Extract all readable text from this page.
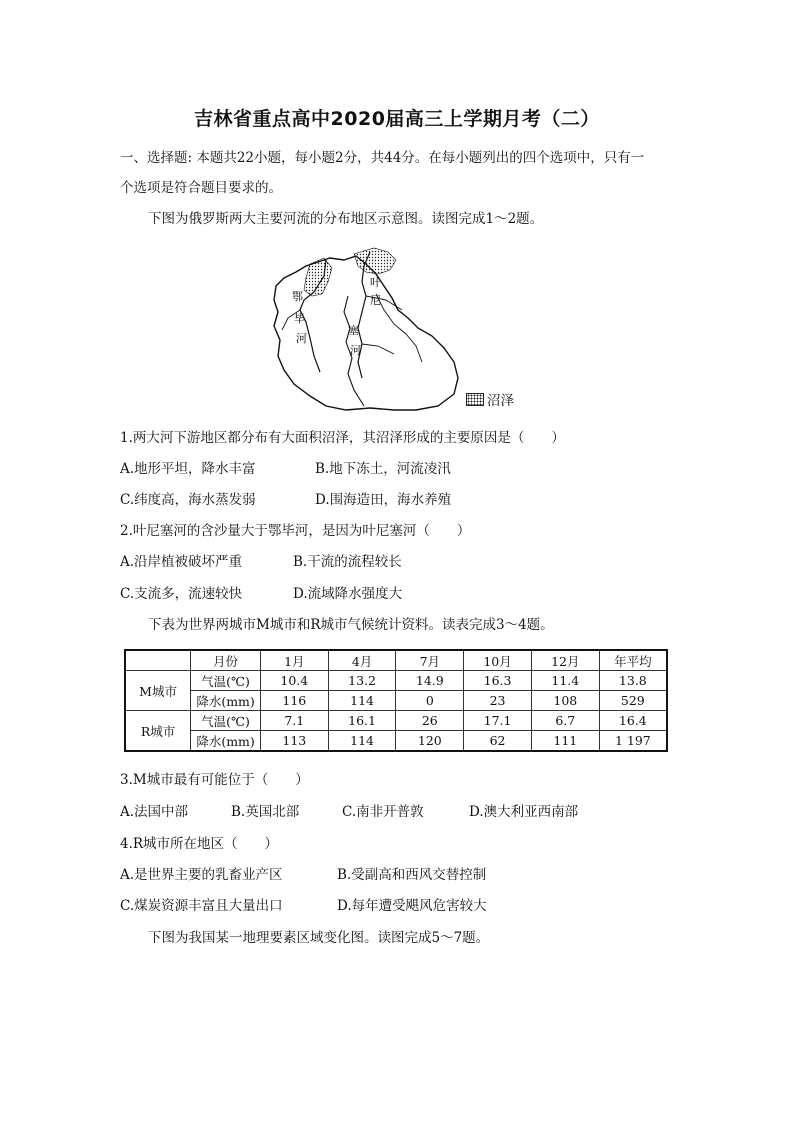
吉林省重点高中2020届高三上学期月考（二）
一、选择题: 本题共22小题，每小题2分，共44分。在每小题列出的四个选项中，只有一
个选项是符合题目要求的。
下图为俄罗斯两大主要河流的分布地区示意图。读图完成1～2题。
鄂
毕
河
叶
尼
塞
河
沼泽
1.两大河下游地区都分布有大面积沼泽，其沼泽形成的主要原因是（　　）
A.地形平坦，降水丰富	B.地下冻土，河流凌汛
C.纬度高，海水蒸发弱	D.围海造田，海水养殖
2.叶尼塞河的含沙量大于鄂毕河，是因为叶尼塞河（　　）
A.沿岸植被破坏严重	B.干流的流程较长
C.支流多，流速较快	D.流域降水强度大
下表为世界两城市M城市和R城市气候统计资料。读表完成3～4题。
	月份	1月	4月	7月	10月	12月	年平均
M城市	气温(℃)	10.4	13.2	14.9	16.3	11.4	13.8
	降水(mm)	116	114	0	23	108	529
R城市	气温(℃)	7.1	16.1	26	17.1	6.7	16.4
	降水(mm)	113	114	120	62	111	1 197
3.M城市最有可能位于（　　）
A.法国中部	B.英国北部	C.南非开普敦	D.澳大利亚西南部
4.R城市所在地区（　　）
A.是世界主要的乳畜业产区	B.受副高和西风交替控制
C.煤炭资源丰富且大量出口	D.每年遭受飓风危害较大
下图为我国某一地理要素区域变化图。读图完成5～7题。
